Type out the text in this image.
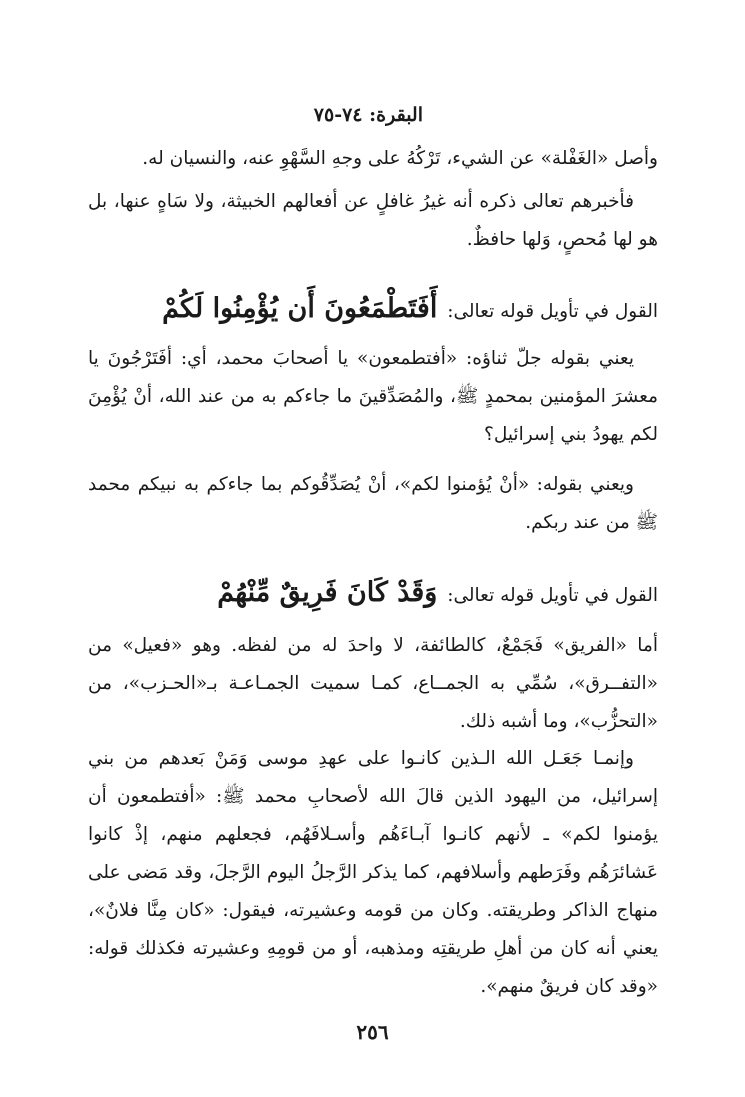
البقرة: ٧٤-٧٥
وأصل «الغَفْلة» عن الشيء، تَرْكُهُ على وجهِ السَّهْوِ عنه، والنسيان له.
فأخبرهم تعالى ذكره أنه غيرُ غافلٍ عن أفعالهم الخبيثة، ولا سَاهٍ عنها، بل هو لها مُحصٍ، وَلها حافظٌ.
القول في تأويل قوله تعالى: أَفَتَطْمَعُونَ أَن يُؤْمِنُوا لَكُمْ
يعني بقوله جلّ ثناؤه: «أفتطمعون» يا أصحابَ محمد، أي: أفَتَرْجُونَ يا معشرَ المؤمنين بمحمدٍ ﷺ، والمُصَدِّقينَ ما جاءكم به من عند الله، أنْ يُؤْمِنَ لكم يهودُ بني إسرائيل؟
ويعني بقوله: «أنْ يُؤمنوا لكم»، أنْ يُصَدِّقُوكم بما جاءكم به نبيكم محمد ﷺ من عند ربكم.
القول في تأويل قوله تعالى: وَقَدْ كَانَ فَرِيقٌ مِّنْهُمْ
أما «الفريق» فَجَمْعٌ، كالطائفة، لا واحدَ له من لفظه. وهو «فعيل» من «التفــرق»، سُمِّي به الجمــاع، كمـا سميت الجمـاعـة بـ«الحـزب»، من «التحزُّب»، وما أشبه ذلك.
وإنمـا جَعَـل الله الـذين كانـوا على عهدِ موسى وَمَنْ بَعدهم من بني إسرائيل، من اليهود الذين قالَ الله لأصحابِ محمد ﷺ: «أفتطمعون أن يؤمنوا لكم» ـ لأنهم كانـوا آبـاءَهُم وأسـلافَهُم، فجعلهم منهم، إذْ كانوا عَشائرَهُم وفَرَطهم وأسلافهم، كما يذكر الرَّجلُ اليوم الرَّجلَ، وقد مَضى على منهاج الذاكر وطريقته. وكان من قومه وعشيرته، فيقول: «كان مِنَّا فلانٌ»، يعني أنه كان من أهلِ طريقتِه ومذهبه، أو من قومِهِ وعشيرته فكذلك قوله: «وقد كان فريقٌ منهم».
٢٥٦
